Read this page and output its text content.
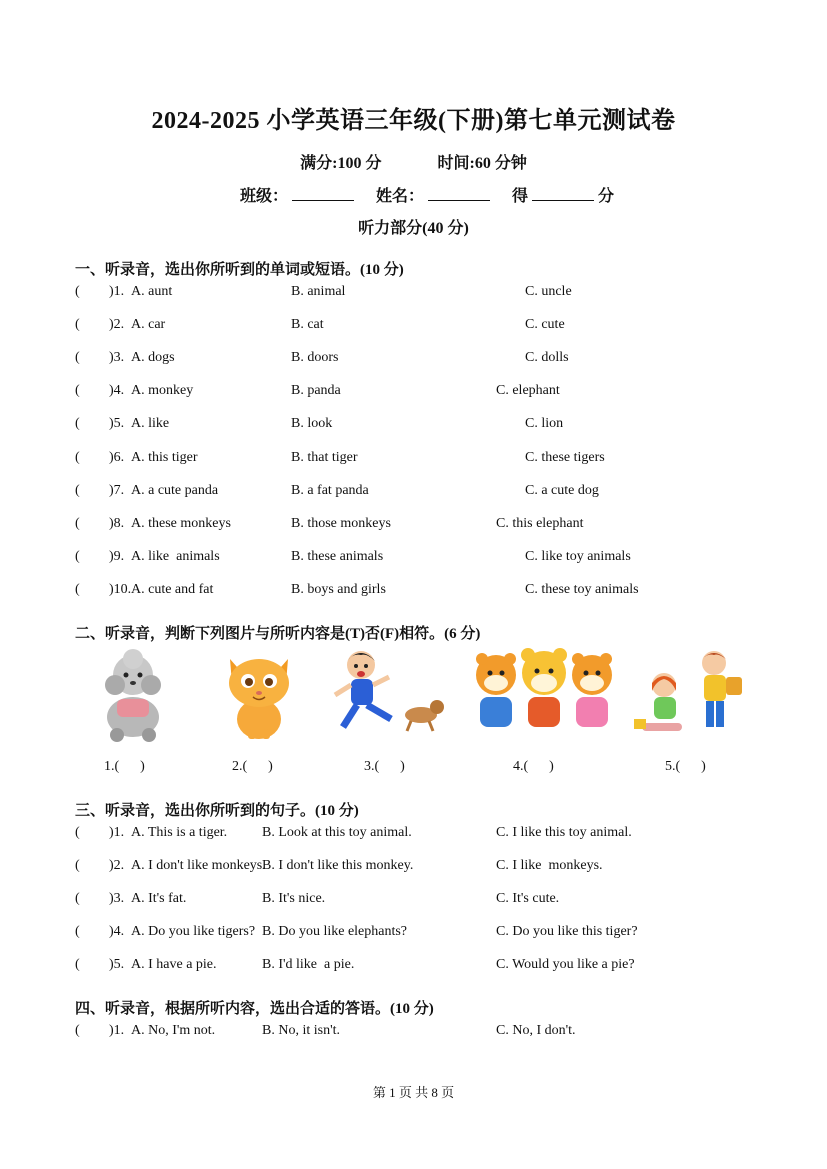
2024-2025 小学英语三年级(下册)第七单元测试卷
满分:100 分	时间:60 分钟
班级：	姓名：	得	分
听力部分(40 分)
一、听录音，选出你所听到的单词或短语。(10 分)
二、听录音，判断下列图片与所听内容是(T)否(F)相符。(6 分)
三、听录音，选出你所听到的句子。(10 分)
四、听录音，根据所听内容，选出合适的答语。(10 分)
( )1. A. aunt	B. animal	C. uncle
( )2. A. car	B. cat	C. cute
( )3. A. dogs	B. doors	C. dolls
( )4. A. monkey	B. panda	C. elephant
( )5. A. like	B. look	C. lion
( )6. A. this tiger	B. that tiger	C. these tigers
( )7. A. a cute panda	B. a fat panda	C. a cute dog
( )8. A. these monkeys	B. those monkeys	C. this elephant
( )9. A. like  animals	B. these animals	C. like toy animals
( )10. A. cute and fat	B. boys and girls	C. these toy animals
( )1. A. This is a tiger. B. Look at this toy animal.	C. I like this toy animal.
( )2. A. I don't like monkeys.
B. I don't like this monkey.	C. I like  monkeys.
( )3. A. It's fat.	B. It's nice.	C. It's cute.
( )4. A. Do you like tigers? B. Do you like elephants?	C. Do you like this tiger?
( )5. A. I have a pie.	B. I'd like  a pie.	C. Would you like a pie?
( )1. A. No, I'm not.	B. No, it isn't.	C. No, I don't.
1.(      )	2.(      )	3.(      )	4.(      )	5.(      )
第 1 页 共 8 页
